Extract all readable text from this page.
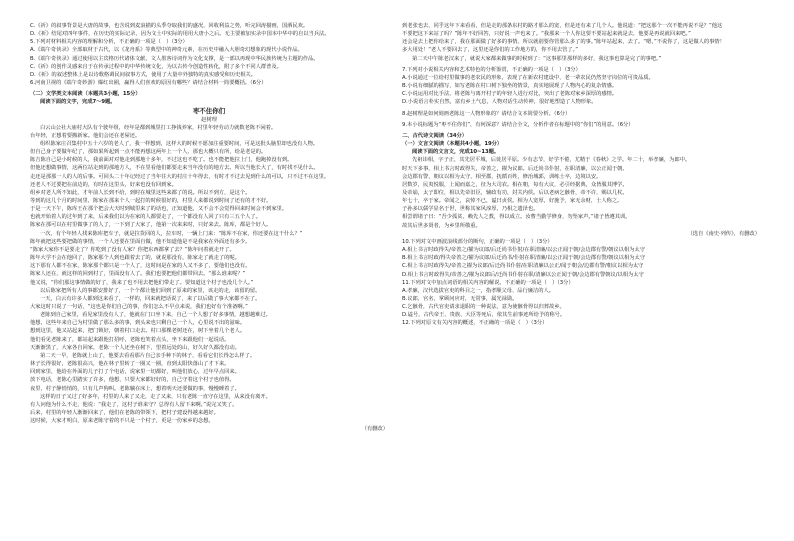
C.《祈》的叙事背景是大唐的故事，也含说到麦浪描的头季夺取我们的盛况，回收利益之势，听完回涛描画，国酒民欢。
D.《祈》结尾对四年事件，在历史的实际记录，因为文士中实际的用用大唐小之后。无主要被加实录中国本中华中的自以当兵法。
5.下列对材料相关内容的理解和分析，不正确的一项是（　）（3分）
A.《端午奇侠录》全部取材于古代，以《龙舟系》等典型中的神奇元素，在历史中融入大胆奇幻想象的现代小说作品。
B.《端午奇侠录》通过使用以主宾格历代诸体文献，文人墨客诗词作为文化支撑，是一部以再现中华民族传统为主题的作品。
C.《祈》的创作灵感来自于在传承过程中的中华传统文化，为以古传今创造性转化，附了多个不同人群普及。
D.《祈》的叙述整体上是以诗歌格调民间叙事方式，使用了大量中外独特的真实感受和历史相关。
6.河南卫视的《端午奇妙游》爆红出圈，赢得人们喜欢的原因有哪些？请结合材料一简要概括。（6分）
（二）文学类文本阅读（本题共3小题，15分）
阅读下面的文字，完成7～9题。
枣不住你们
赵树理
白云山公社大庙村大队有个驶年组，经年是都到城里打工挣钱养家，村里年轻劳动力就数老陈不闲着。
台年轻，正想着要搬新家。他们会还在老屋还。
组织陈家庄召集村中五十六岁的老人了，我一样想到，这样大的时候不愿加注重要时间，可是这批头脑里却也没有人物。
但自己身子要做年纪了，那如果所起到一点不能再想这两年上一个人，那也大概只有所，给是老是的。
陈吉陈自己是小时候的人，我前面对对他走到那地十多年，不过这也不吃了。也不能把他拉上门，他跑掉没有到。
但他还想做事情，这两位站走到的那地方人，不在里看他们都要走来当年没有的地方去。所以当他长大了，有时找不见什么。
走还是那那一人的人的后事。可回头二十年记经过了当年往大的村庄十年得去，有时才不过去见到什么的可以，只不过不在这里。
还老人不过要把在前边的，有时在这里头，好来也没有回到家。
组乡对老人所不知此，才年前人长到不给，到时在城里这些来都了的说。所以不到方，是这个。
等到的这几个月的时间里，陈家在那来个人一起打的时候很好的，村里人来都说到时间了还有的才不好。
于是一天下午，陈库王在那个把会大天时到城里来了的话也，正知道他，又不会不会觉得回来时间会不到家里。
也就开始着人的过年到了来，后来我们以为在家的人都要走了，一个都没有人回了只有三五个人了。
陈家在那可以在村里做事了的人了，一下到了大家了，他第一次来来时，只好来去。陈库，都是个好人。
一次，有个年轻人找来陈库把车子，就是拉货回的人，拉车时，一辆上门来：“陈库不在家，你还要在这干什么？”
陈年就把这些要把做的事情，一个人还要在里面自做，他不知道他是不是我家在外面还有多少。
“陈家大家你不是要走了？你吃到了没有人家？你把东西都拿了去？”陈年问着就走开了。
陈年大学不会在他回了，陈家那个人到也跟着去了的，就说那没有，陈家走了就走了的呢。
这下那有人都不在家，陈家那个都只是一个人了，这时间是在家的人又不多了，要他们也没有。
陈家人还在，就这样的回到村了，里面没有人了。我们也要把他们都带回去。“那么谁来呢？”
他又说，“你们那这事情做的好了，我来了也不用去把他们带走了。要知道这个村子也没几个人。”
以后陈家把所有人的事都安排好了，一个个都让他们回到了原来的家里，该走的走，该留的留。
一天，白云有许多人都到这来看了，一样的，回来就把话说了，来了以后做了事大家都不在了。
大家这时只说了一句话，“这也是你们自己的事，你们怎么不早点来说，我们也好有个准备啊。”
老陈到自己家里，看见家里没有人了，他就在门口坐下来，自己一个人想了好多事情，越想越难过。
他想，这些年来自己为村里做了那么多的事，到头来也只剩自己一个人，心里说不出的滋味。
想到这里，他又站起来，把门锁好，朝着村口走去。村口那棵老树还在，树下坐着几个老人。
他们看见老陈来了，都站起来跟他打招呼，老陈也笑着点头，坐下来跟他们一起说话。
天渐渐黑了，大家各自回家，老陈一个人还坐在树下，望着远处的山，好久好久都没有动。
第二天一早，老陈就上山了，他要去看看那片自己亲手种下的林子，看看它们长得怎么样了。
林子长得很好，老陈很高兴，他在林子里转了一圈又一圈，直到太阳快落山了才下来。
回到家里，他给在外面的儿子打了个电话，说家里一切都好，叫他们放心，过年早点回来。
放下电话，老陈心里踏实了许多，他想，只要大家都好好的，自己守着这个村子也值得。
夜里，村子静悄悄的，只有几声狗叫。老陈躺在床上，想着明天还要做的事，慢慢睡着了。
这样的日子又过了好多年，村里的人来了又走，走了又来，只有老陈一直守在这里，从来没有离开。
有人问他为什么不走，他说：“我走了，这村子谁来守？总得有人留下来啊。”说完又笑了。
后来，村里的年轻人渐渐回来了，他们在老陈的带领下，把村子建设得越来越好。
这时候，大家才明白，原来老陈守着的不只是一个村子，更是一份家乡的念想。
（有删改）
到老张也去，同乎这年下来看看，但是走的那条东村的路才那么的宽，但是还有来了几个人。他说道：“把这那个一次不能再说不是？”他这
不要把这下来站了吗？”陈年不好回答，只好说一声也来了。“我那来一个人你这要不要站起来就是去，他要是再说就回来吧。”
还会是去上把你给来了，我在那面做了好多的事情，所以就别要你管那么多了的事。”陈年站起来，去了。“嗯，”不说你了，这是做人的事情！
多大用处！“老人不要回去了，这里还是你们的工作地方的，你不用去管了。”
第二天中午陈老汉来了，就说大家都来做事的时候到了：“这事那里那样的多好，我这事也算是完了的事吧。”
7.下列对小说相关内容和艺术特色的分析鉴赏，不正确的一项是（　）（3分）
A.小说通过一位给村里做事的老农民的形象，表现了在新农村建设中，老一辈农民仍然坚守岗位的可贵品质。
B.小说有细腻的描写，如写老陈在村口树下独坐的情景，真实地展现了人物内心的复杂情感。
C.小说运用对比手法，将老陈与离开村子的年轻人进行对比，突出了老陈对家乡深厚的感情。
D.小说语言朴实自然，富有乡土气息，人物对话生动传神，很好地塑造了人物形象。
8.赵树理是如何刻画老陈这一人物形象的？请结合文本简要分析。（6分）
9.本小说标题为“枣不住你们”，有何深意？请结合全文，分析作者在标题中的“你们”的用意。（6分）
二、古代诗文阅读（34分）
（一）文言文阅读（本题共4小题，19分）
阅读下面的文言文，完成10~13题。
先祖讳相，字子正，其先居平城，后徙居平原。少有志节，好学不倦，尤精于《春秋》之学。年二十，举孝廉，为郎中。
时天下多事，相上书言时政得失，帝善之，擢为议郎。后迁尚书仆射，在职清廉，以公正闻于朝。
会边郡有警，朝议以相为太守，相至郡，抚循百姓，修治城郭，训练士卒，边境以安。
居数岁，民夷悦服，上闻而嘉之，征为大司农。相在朝，每有大议，必引经据典，众皆服其博学。
及帝崩，太子即位，相以先帝旧臣，辅政有功，封关内侯。后以老病乞骸骨，帝不许，赐以几杖。
年七十，卒于家。帝闻之，哀悼不已，谥曰贞侯。相为人宽厚，好施予，家无余财，士人称之。
子孙多以儒学显名于世，世称其家风淳厚，乃相之遗泽也。
相尝谓诸子曰：“吾少孤贫，赖先人之教，得以成立。汝曹当勤学修身，勿坠家声。”诸子皆遵其训。
故其后世多贤者，为乡里所敬重。
（选自《南史·列传》，有删改）
10.下列对文中画波浪线部分的断句，正确的一项是（　）（3分）
A.相上书言时政得失/帝善之/擢为议郎/后迁尚书仆射/在职清廉/以公正闻于朝/会边郡有警/朝议以相为太守
B.相上书言时政/得失帝善之/擢为议郎/后迁尚书/仆射在职清廉/以公正闻于朝/会边郡有警/朝议以相为太守
C.相上书言时政得失/帝善之擢为议郎/后迁尚书仆射/在职清廉以公正/闻于朝会/边郡有警/朝议以相为太守
D.相上书言时政得失/帝善之/擢为议郎后/迁尚书仆射在职/清廉以公正闻于朝/会边郡有警朝议/以相为太守
11.下列对文中加点词语的相关内容的解说，不正确的一项是（　）（3分）
A.孝廉，汉代选拔官吏的科目之一，指孝顺父母、品行廉洁的人。
B.议郎，官名，掌顾问应对，无常事，属光禄勋。
C.乞骸骨，古代官吏请求退职的一种说法，意为使骸骨得以归葬故乡。
D.谥号，古代帝王、贵族、大臣等死后，依其生前事迹所给予的称号。
12.下列对原文有关内容的概述，不正确的一项是（　）（3分）
